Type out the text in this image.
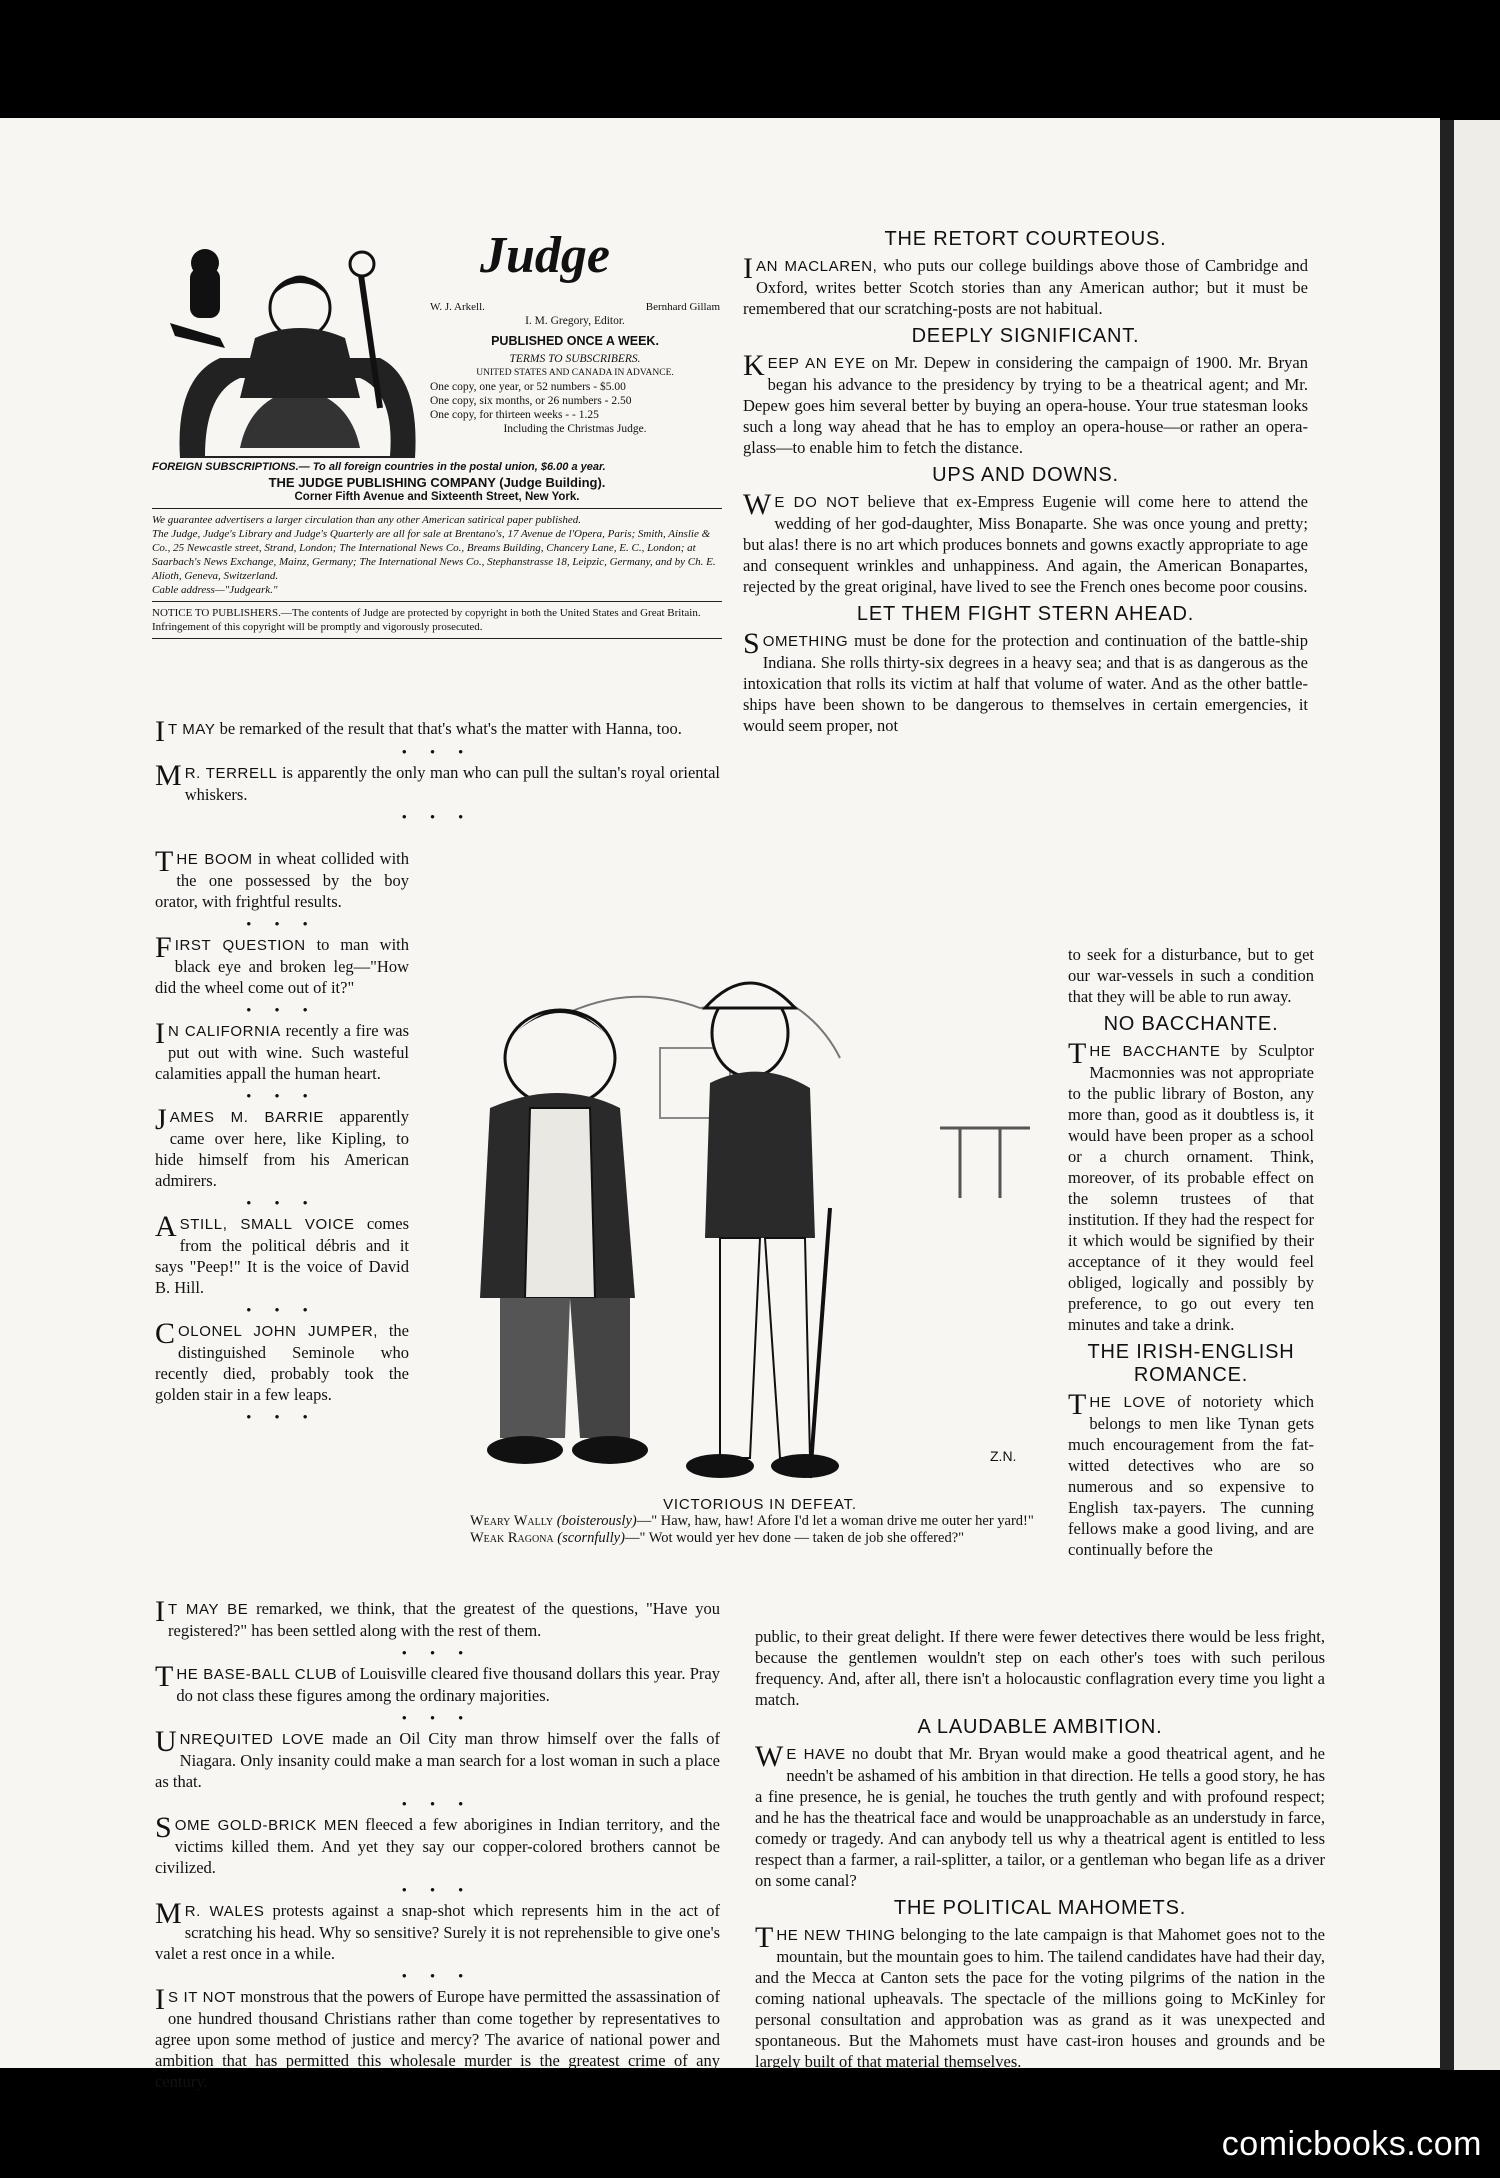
Judge
W. J. Arkell.	Bernhard Gillam
I. M. Gregory, Editor.
PUBLISHED ONCE A WEEK.
TERMS TO SUBSCRIBERS.
UNITED STATES AND CANADA IN ADVANCE.
One copy, one year, or 52 numbers - $5.00
One copy, six months, or 26 numbers - 2.50
One copy, for thirteen weeks - - 1.25
Including the Christmas Judge.
FOREIGN SUBSCRIPTIONS.— To all foreign countries in the postal union, $6.00 a year.
THE JUDGE PUBLISHING COMPANY (Judge Building).
Corner Fifth Avenue and Sixteenth Street, New York.
We guarantee advertisers a larger circulation than any other American satirical paper published.
The Judge, Judge's Library and Judge's Quarterly are all for sale at Brentano's, 17 Avenue de l'Opera, Paris; Smith, Ainslie & Co., 25 Newcastle street, Strand, London; The International News Co., Breams Building, Chancery Lane, E. C., London; at Saarbach's News Exchange, Mainz, Germany; The International News Co., Stephanstrasse 18, Leipzic, Germany, and by Ch. E. Alioth, Geneva, Switzerland.
Cable address—"Judgeark."
NOTICE TO PUBLISHERS.—The contents of Judge are protected by copyright in both the United States and Great Britain. Infringement of this copyright will be promptly and vigorously prosecuted.

I T MAY be remarked of the result that that's what's the matter with Hanna, too.

• • •

M R. TERRELL is apparently the only man who can pull the sultan's royal oriental whiskers.

• • •

THE BOOM in wheat collided with the one possessed by the boy orator, with frightful results.

• • •

FIRST QUESTION to man with black eye and broken leg—"How did the wheel come out of it?"

• • •

I N CALIFORNIA recently a fire was put out with wine. Such wasteful calamities appall the human heart.

• • •

JAMES M. BARRIE apparently came over here, like Kipling, to hide himself from his American admirers.

• • •

A STILL, SMALL VOICE comes from the political débris and it says "Peep!" It is the voice of David B. Hill.

• • •

COLONEL JOHN JUMPER, the distinguished Seminole who recently died, probably took the golden stair in a few leaps.

• • •
THE RETORT COURTEOUS.

IAN MACLAREN, who puts our college buildings above those of Cambridge and Oxford, writes better Scotch stories than any American author; but it must be remembered that our scratching-posts are not habitual.

DEEPLY SIGNIFICANT.

KEEP AN EYE on Mr. Depew in considering the campaign of 1900. Mr. Bryan began his advance to the presidency by trying to be a theatrical agent; and Mr. Depew goes him several better by buying an opera-house. Your true statesman looks such a long way ahead that he has to employ an opera-house—or rather an opera-glass—to enable him to fetch the distance.

UPS AND DOWNS.

W E DO NOT believe that ex-Empress Eugenie will come here to attend the wedding of her god-daughter, Miss Bonaparte. She was once young and pretty; but alas! there is no art which produces bonnets and gowns exactly appropriate to age and consequent wrinkles and unhappiness. And again, the American Bonapartes, rejected by the great original, have lived to see the French ones become poor cousins.

LET THEM FIGHT STERN AHEAD.

SOMETHING must be done for the protection and continuation of the battle-ship Indiana. She rolls thirty-six degrees in a heavy sea; and that is as dangerous as the intoxication that rolls its victim at half that volume of water. And as the other battle-ships have been shown to be dangerous to themselves in certain emergencies, it would seem proper, not

to seek for a disturbance, but to get our war-vessels in such a condition that they will be able to run away.

NO BACCHANTE.

THE BACCHANTE by Sculptor Macmonnies was not appropriate to the public library of Boston, any more than, good as it doubtless is, it would have been proper as a school or a church ornament. Think, moreover, of its probable effect on the solemn trustees of that institution. If they had the respect for it which would be signified by their acceptance of it they would feel obliged, logically and possibly by preference, to go out every ten minutes and take a drink.

THE IRISH-ENGLISH ROMANCE.

THE LOVE of notoriety which belongs to men like Tynan gets much encouragement from the fat-witted detectives who are so numerous and so expensive to English tax-payers. The cunning fellows make a good living, and are continually before the

Z.N.
VICTORIOUS IN DEFEAT.
Weary Wally (boisterously)—" Haw, haw, haw! Afore I'd let a woman drive me outer her yard!"
Weak Ragona (scornfully)—" Wot would yer hev done — taken de job she offered?"

I T MAY BE remarked, we think, that the greatest of the questions, "Have you registered?" has been settled along with the rest of them.

• • •

THE BASE-BALL CLUB of Louisville cleared five thousand dollars this year. Pray do not class these figures among the ordinary majorities.

• • •

UNREQUITED LOVE made an Oil City man throw himself over the falls of Niagara. Only insanity could make a man search for a lost woman in such a place as that.

• • •

SOME GOLD-BRICK MEN fleeced a few aborigines in Indian territory, and the victims killed them. And yet they say our copper-colored brothers cannot be civilized.

• • •

M R. WALES protests against a snap-shot which represents him in the act of scratching his head. Why so sensitive? Surely it is not reprehensible to give one's valet a rest once in a while.

• • •

I S IT NOT monstrous that the powers of Europe have permitted the assassination of one hundred thousand Christians rather than come together by representatives to agree upon some method of justice and mercy? The avarice of national power and ambition that has permitted this wholesale murder is the greatest crime of any century.

public, to their great delight. If there were fewer detectives there would be less fright, because the gentlemen wouldn't step on each other's toes with such perilous frequency. And, after all, there isn't a holocaustic conflagration every time you light a match.

A LAUDABLE AMBITION.

W E HAVE no doubt that Mr. Bryan would make a good theatrical agent, and he needn't be ashamed of his ambition in that direction. He tells a good story, he has a fine presence, he is genial, he touches the truth gently and with profound respect; and he has the theatrical face and would be unapproachable as an understudy in farce, comedy or tragedy. And can anybody tell us why a theatrical agent is entitled to less respect than a farmer, a rail-splitter, a tailor, or a gentleman who began life as a driver on some canal?

THE POLITICAL MAHOMETS.

THE NEW THING belonging to the late campaign is that Mahomet goes not to the mountain, but the mountain goes to him. The tailend candidates have had their day, and the Mecca at Canton sets the pace for the voting pilgrims of the nation in the coming national upheavals. The spectacle of the millions going to McKinley for personal consultation and approbation was as grand as it was unexpected and spontaneous. But the Mahomets must have cast-iron houses and grounds and be largely built of that material themselves.

comicbooks.com
